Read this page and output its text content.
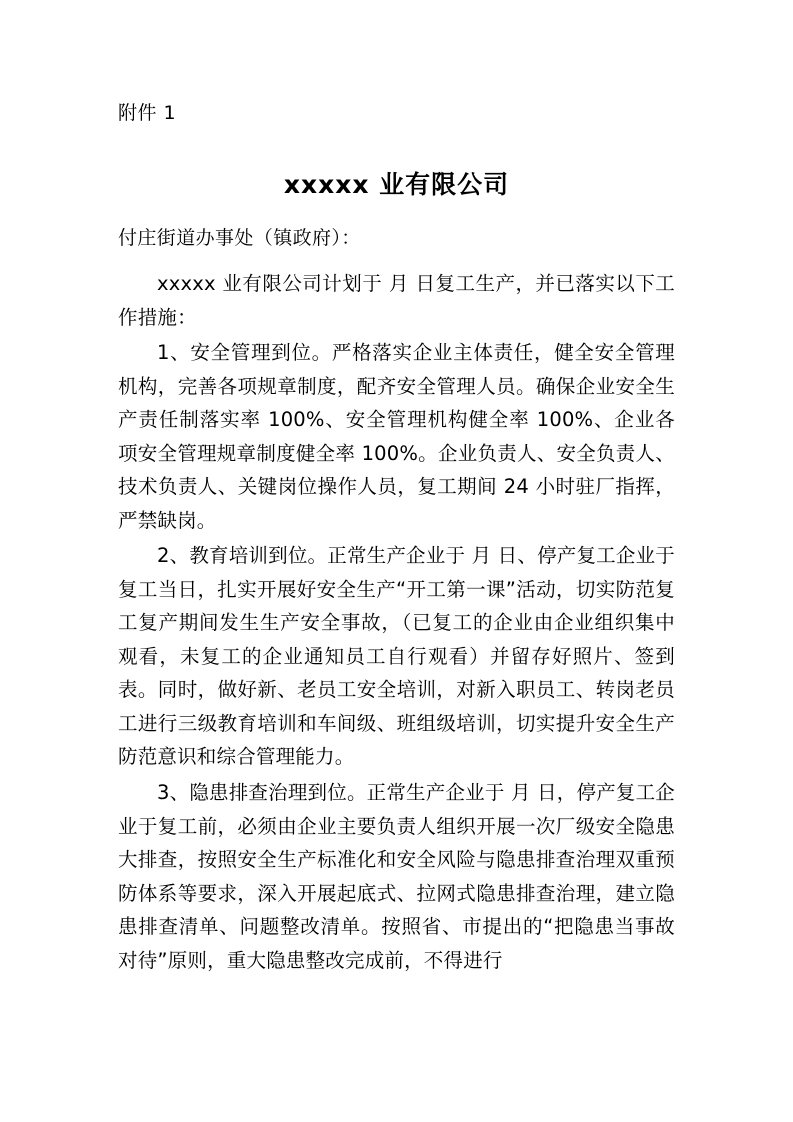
附件 1
xxxxx 业有限公司
付庄街道办事处（镇政府）：

xxxxx 业有限公司计划于 月 日复工生产，并已落实以下工作措施：

1、安全管理到位。严格落实企业主体责任，健全安全管理机构，完善各项规章制度，配齐安全管理人员。确保企业安全生产责任制落实率 100%、安全管理机构健全率 100%、企业各项安全管理规章制度健全率 100%。企业负责人、安全负责人、技术负责人、关键岗位操作人员，复工期间 24 小时驻厂指挥，严禁缺岗。

2、教育培训到位。正常生产企业于 月 日、停产复工企业于复工当日，扎实开展好安全生产“开工第一课”活动，切实防范复工复产期间发生生产安全事故，（已复工的企业由企业组织集中观看，未复工的企业通知员工自行观看）并留存好照片、签到表。同时，做好新、老员工安全培训，对新入职员工、转岗老员工进行三级教育培训和车间级、班组级培训，切实提升安全生产防范意识和综合管理能力。

3、隐患排查治理到位。正常生产企业于 月 日，停产复工企业于复工前，必须由企业主要负责人组织开展一次厂级安全隐患大排查，按照安全生产标准化和安全风险与隐患排查治理双重预防体系等要求，深入开展起底式、拉网式隐患排查治理，建立隐患排查清单、问题整改清单。按照省、市提出的“把隐患当事故对待”原则，重大隐患整改完成前，不得进行
